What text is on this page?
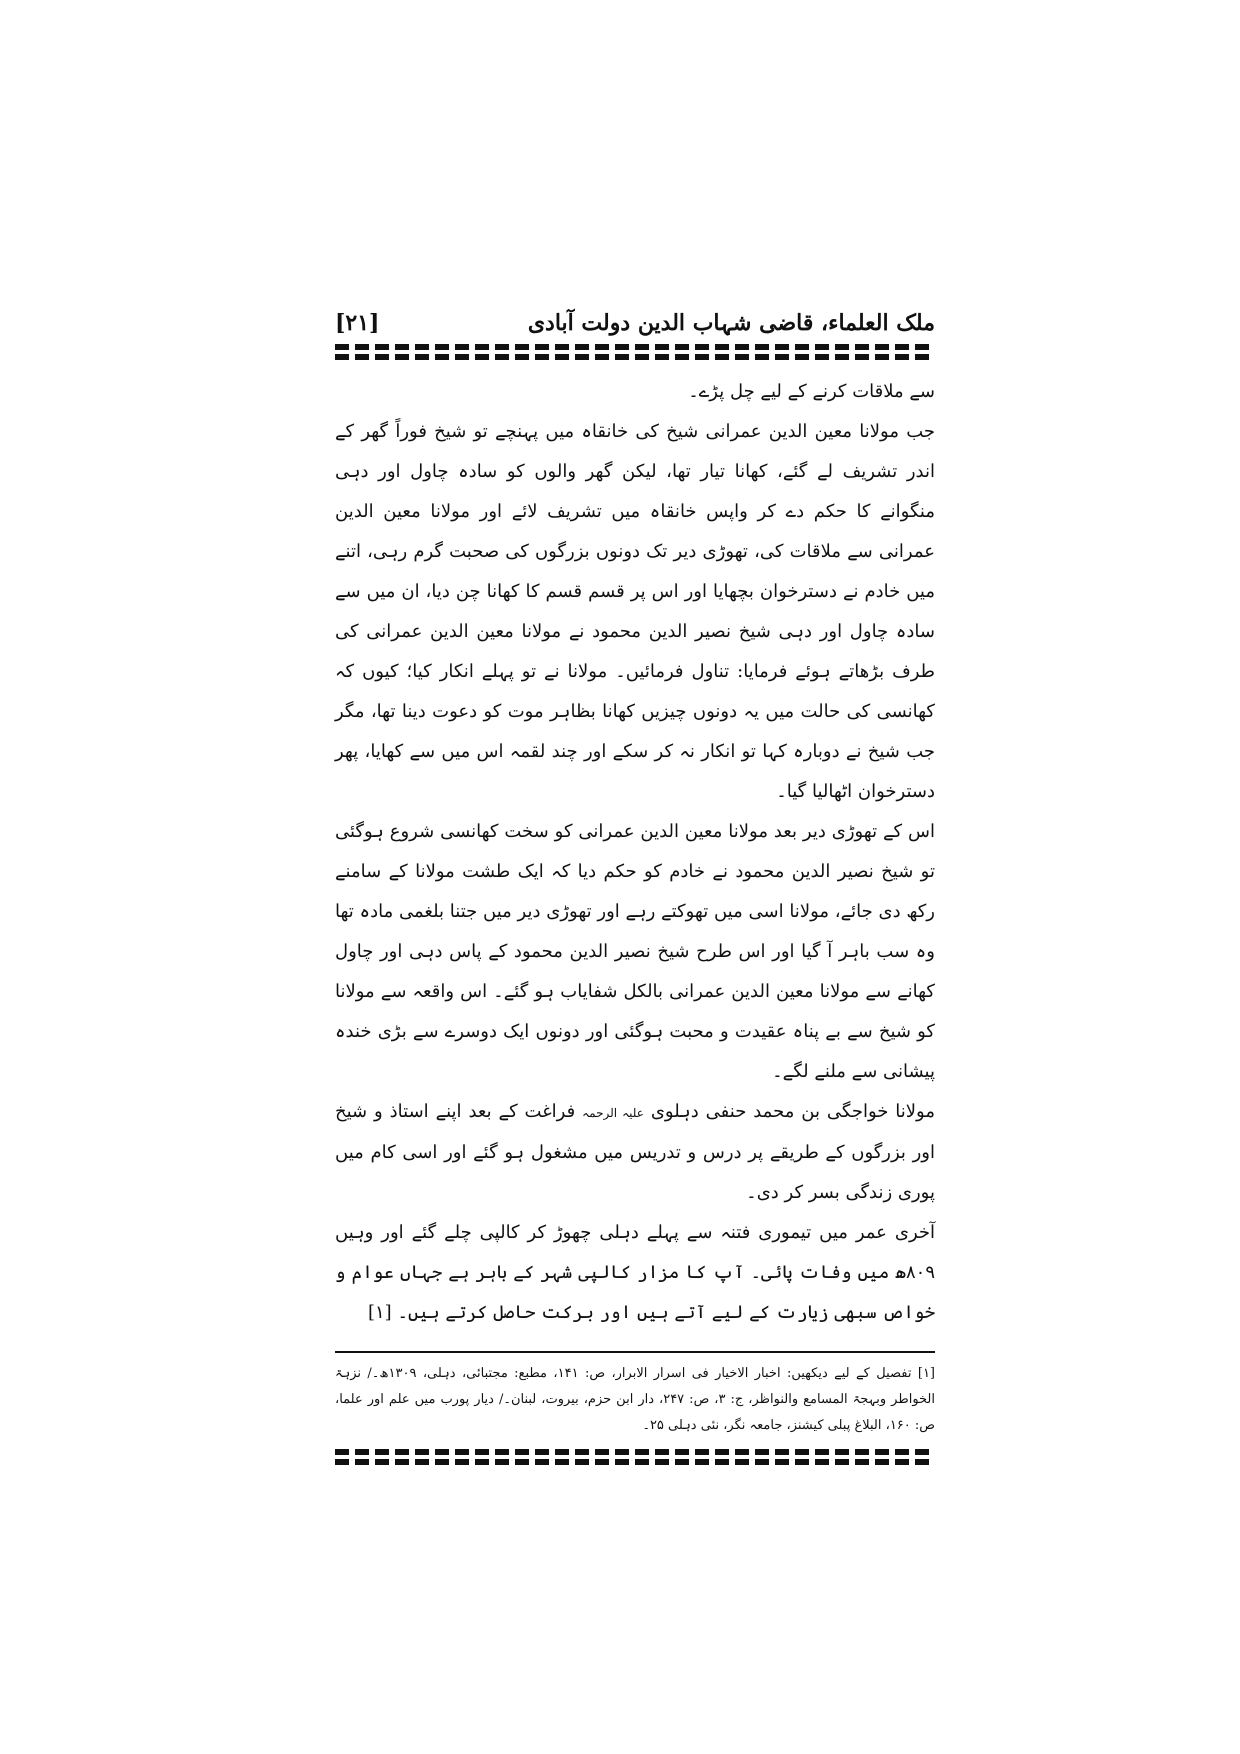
ملک العلماء، قاضی شہاب الدین دولت آبادی
[۲۱]

سے ملاقات کرنے کے لیے چل پڑے۔

جب مولانا معین الدین عمرانی شیخ کی خانقاہ میں پہنچے تو شیخ فوراً گھر کے اندر تشریف لے گئے، کھانا تیار تھا، لیکن گھر والوں کو سادہ چاول اور دہی منگوانے کا حکم دے کر واپس خانقاہ میں تشریف لائے اور مولانا معین الدین عمرانی سے ملاقات کی، تھوڑی دیر تک دونوں بزرگوں کی صحبت گرم رہی، اتنے میں خادم نے دسترخوان بچھایا اور اس پر قسم قسم کا کھانا چن دیا، ان میں سے سادہ چاول اور دہی شیخ نصیر الدین محمود نے مولانا معین الدین عمرانی کی طرف بڑھاتے ہوئے فرمایا: تناول فرمائیں۔ مولانا نے تو پہلے انکار کیا؛ کیوں کہ کھانسی کی حالت میں یہ دونوں چیزیں کھانا بظاہر موت کو دعوت دینا تھا، مگر جب شیخ نے دوبارہ کہا تو انکار نہ کر سکے اور چند لقمہ اس میں سے کھایا، پھر دسترخوان اٹھالیا گیا۔

اس کے تھوڑی دیر بعد مولانا معین الدین عمرانی کو سخت کھانسی شروع ہوگئی تو شیخ نصیر الدین محمود نے خادم کو حکم دیا کہ ایک طشت مولانا کے سامنے رکھ دی جائے، مولانا اسی میں تھوکتے رہے اور تھوڑی دیر میں جتنا بلغمی مادہ تھا وہ سب باہر آ گیا اور اس طرح شیخ نصیر الدین محمود کے پاس دہی اور چاول کھانے سے مولانا معین الدین عمرانی بالکل شفایاب ہو گئے۔ اس واقعہ سے مولانا کو شیخ سے بے پناہ عقیدت و محبت ہوگئی اور دونوں ایک دوسرے سے بڑی خندہ پیشانی سے ملنے لگے۔

مولانا خواجگی بن محمد حنفی دہلوی علیہ الرحمہ فراغت کے بعد اپنے استاذ و شیخ اور بزرگوں کے طریقے پر درس و تدریس میں مشغول ہو گئے اور اسی کام میں پوری زندگی بسر کر دی۔

آخری عمر میں تیموری فتنہ سے پہلے دہلی چھوڑ کر کالپی چلے گئے اور وہیں ۸۰۹ھ میں وفات پائی۔ آپ کا مزار کالپی شہر کے باہر ہے جہاں عوام و خواص سبھی زیارت کے لیے آتے ہیں اور برکت حاصل کرتے ہیں۔ [۱]

[۱] تفصیل کے لیے دیکھیں: اخبار الاخیار فی اسرار الابرار، ص: ۱۴۱، مطبع: مجتبائی، دہلی، ۱۳۰۹ھ۔/ نزہۃ الخواطر وبہجۃ المسامع والنواظر، ج: ۳، ص: ۲۴۷، دار ابن حزم، بیروت، لبنان۔/ دیار پورب میں علم اور علما، ص: ۱۶۰، البلاغ پبلی کیشنز، جامعہ نگر، نئی دہلی ۲۵۔
